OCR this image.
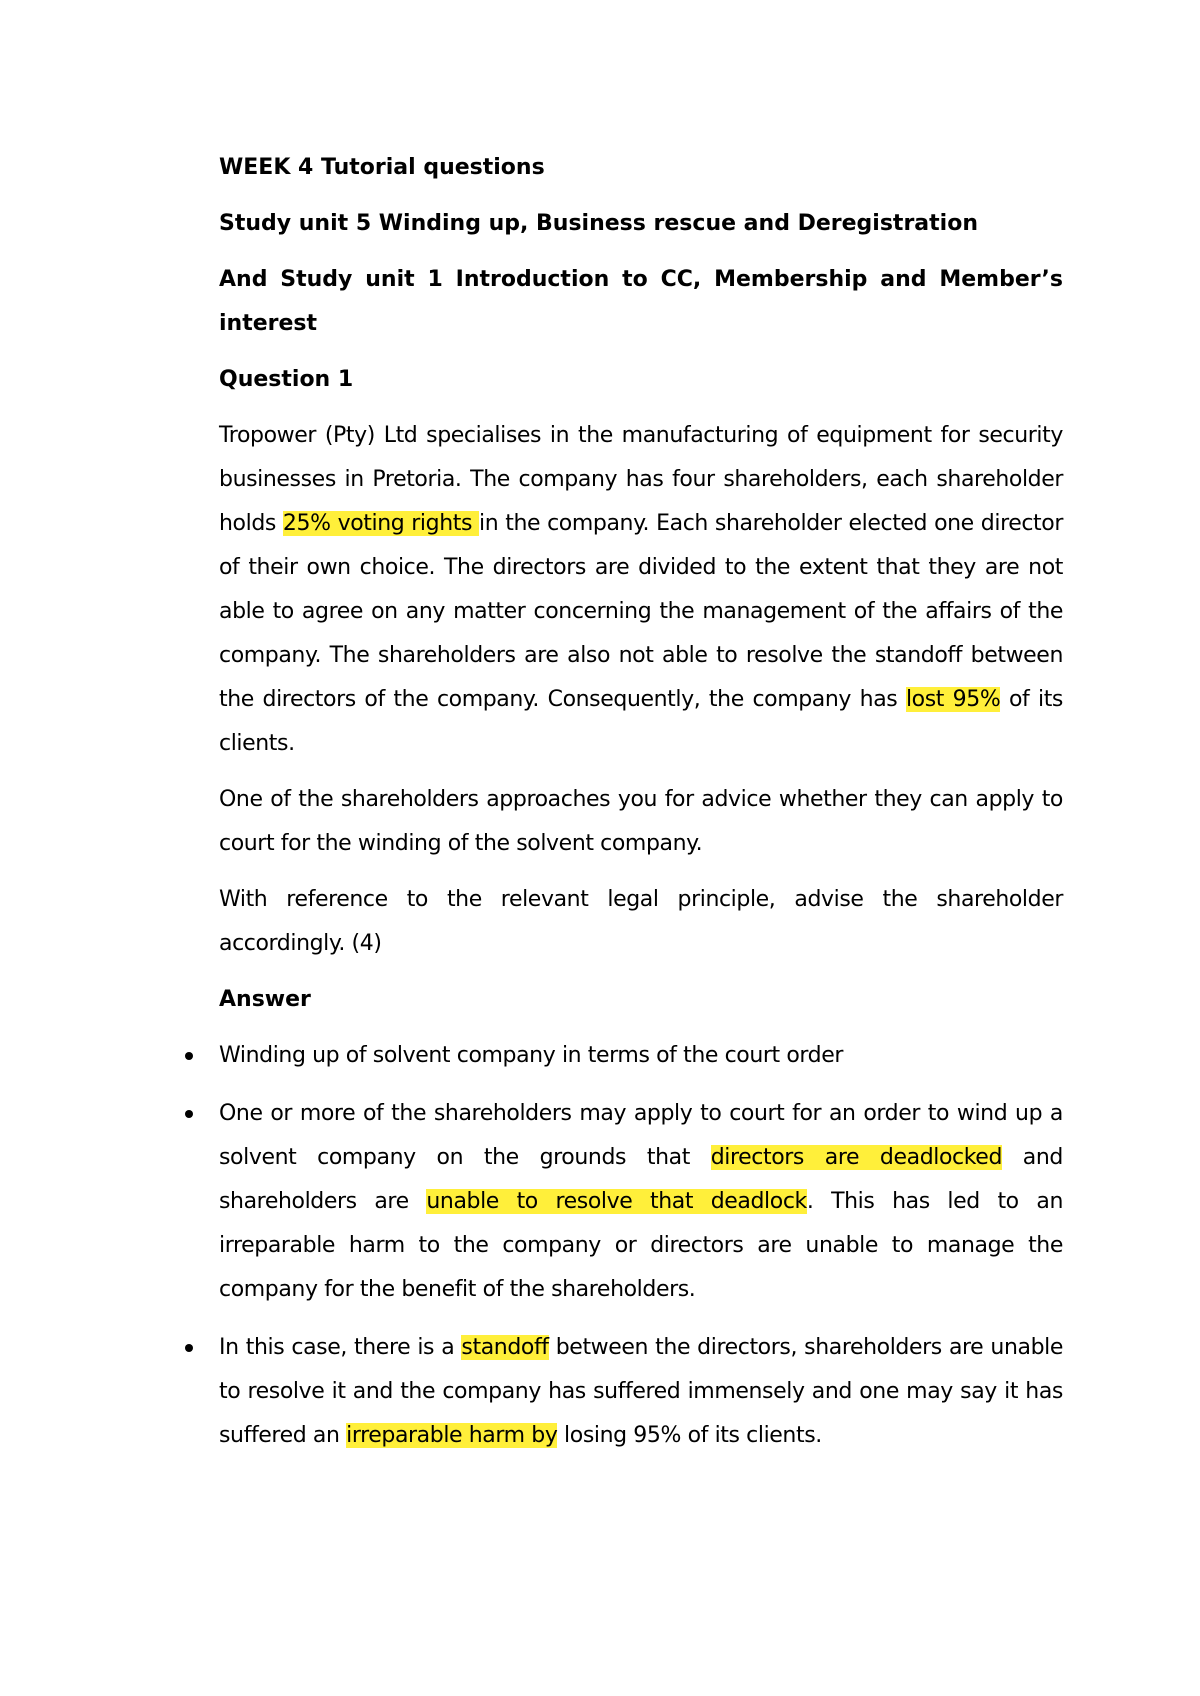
WEEK 4 Tutorial questions
Study unit 5 Winding up, Business rescue and Deregistration
And Study unit 1 Introduction to CC, Membership and Member’s interest
Question 1

Tropower (Pty) Ltd specialises in the manufacturing of equipment for security businesses in Pretoria. The company has four shareholders, each shareholder holds 25% voting rights in the company. Each shareholder elected one director of their own choice. The directors are divided to the extent that they are not able to agree on any matter concerning the management of the affairs of the company. The shareholders are also not able to resolve the standoff between the directors of the company. Consequently, the company has lost 95% of its clients.

One of the shareholders approaches you for advice whether they can apply to court for the winding of the solvent company.

With reference to the relevant legal principle, advise the shareholder accordingly. (4)

Answer
Winding up of solvent company in terms of the court order
One or more of the shareholders may apply to court for an order to wind up a solvent company on the grounds that directors are deadlocked and shareholders are unable to resolve that deadlock. This has led to an irreparable harm to the company or directors are unable to manage the company for the benefit of the shareholders.
In this case, there is a standoff between the directors, shareholders are unable to resolve it and the company has suffered immensely and one may say it has suffered an irreparable harm by losing 95% of its clients.
